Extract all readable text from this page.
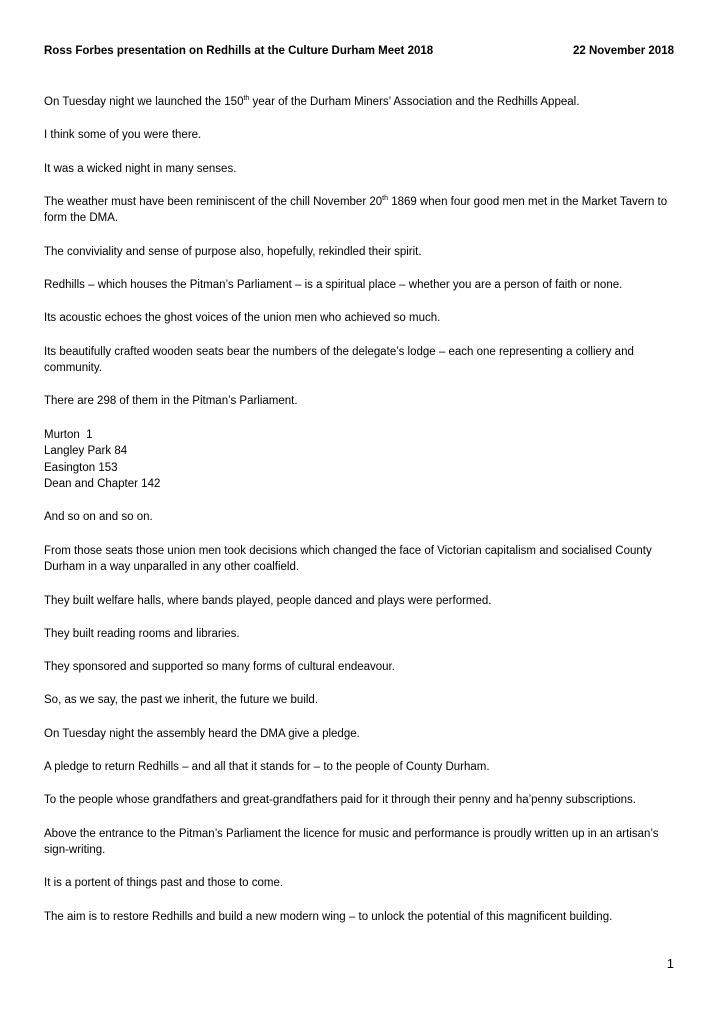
Ross Forbes presentation on Redhills at the Culture Durham Meet 2018	22 November 2018

On Tuesday night we launched the 150th year of the Durham Miners’ Association and the Redhills Appeal.

I think some of you were there.

It was a wicked night in many senses.

The weather must have been reminiscent of the chill November 20th 1869 when four good men met in the Market Tavern to form the DMA.

The conviviality and sense of purpose also, hopefully, rekindled their spirit.

Redhills – which houses the Pitman’s Parliament – is a spiritual place – whether you are a person of faith or none.

Its acoustic echoes the ghost voices of the union men who achieved so much.

Its beautifully crafted wooden seats bear the numbers of the delegate’s lodge – each one representing a colliery and community.

There are 298 of them in the Pitman’s Parliament.

Murton  1
Langley Park 84
Easington 153
Dean and Chapter 142

And so on and so on.

From those seats those union men took decisions which changed the face of Victorian capitalism and socialised County Durham in a way unparalled in any other coalfield.

They built welfare halls, where bands played, people danced and plays were performed.

They built reading rooms and libraries.

They sponsored and supported so many forms of cultural endeavour.

So, as we say, the past we inherit, the future we build.

On Tuesday night the assembly heard the DMA give a pledge.

A pledge to return Redhills – and all that it stands for – to the people of County Durham.

To the people whose grandfathers and great-grandfathers paid for it through their penny and ha’penny subscriptions.

Above the entrance to the Pitman’s Parliament the licence for music and performance is proudly written up in an artisan’s sign-writing.

It is a portent of things past and those to come.

The aim is to restore Redhills and build a new modern wing – to unlock the potential of this magnificent building.

1
